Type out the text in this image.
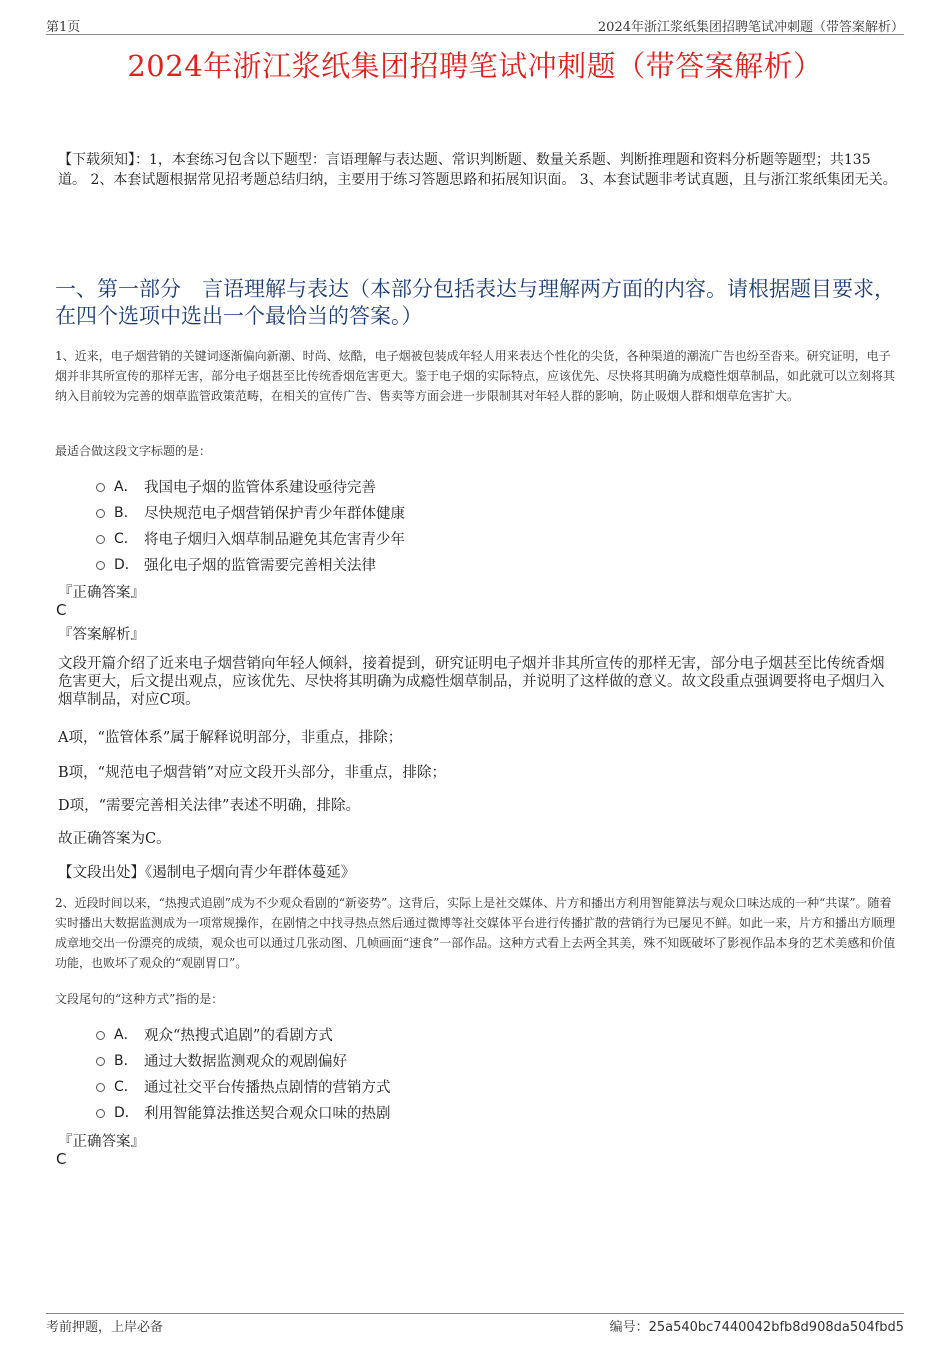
第1页	2024年浙江浆纸集团招聘笔试冲刺题（带答案解析）
2024年浙江浆纸集团招聘笔试冲刺题（带答案解析）
【下载须知】：1，本套练习包含以下题型：言语理解与表达题、常识判断题、数量关系题、判断推理题和资料分析题等题型；共135道。 2、本套试题根据常见招考题总结归纳，主要用于练习答题思路和拓展知识面。 3、本套试题非考试真题，且与浙江浆纸集团无关。
一、第一部分　言语理解与表达（本部分包括表达与理解两方面的内容。请根据题目要求，在四个选项中选出一个最恰当的答案。）
1、近来，电子烟营销的关键词逐渐偏向新潮、时尚、炫酷，电子烟被包装成年轻人用来表达个性化的尖货，各种渠道的潮流广告也纷至沓来。研究证明，电子烟并非其所宣传的那样无害，部分电子烟甚至比传统香烟危害更大。鉴于电子烟的实际特点，应该优先、尽快将其明确为成瘾性烟草制品，如此就可以立刻将其纳入目前较为完善的烟草监管政策范畴，在相关的宣传广告、售卖等方面会进一步限制其对年轻人群的影响，防止吸烟人群和烟草危害扩大。
最适合做这段文字标题的是：
A． 我国电子烟的监管体系建设亟待完善
B． 尽快规范电子烟营销保护青少年群体健康
C． 将电子烟归入烟草制品避免其危害青少年
D． 强化电子烟的监管需要完善相关法律
『正确答案』
C
『答案解析』
文段开篇介绍了近来电子烟营销向年轻人倾斜，接着提到，研究证明电子烟并非其所宣传的那样无害，部分电子烟甚至比传统香烟危害更大，后文提出观点，应该优先、尽快将其明确为成瘾性烟草制品，并说明了这样做的意义。故文段重点强调要将电子烟归入烟草制品，对应C项。
A项，“监管体系”属于解释说明部分，非重点，排除；
B项，“规范电子烟营销”对应文段开头部分，非重点，排除；
D项，“需要完善相关法律”表述不明确，排除。
故正确答案为C。
【文段出处】《遏制电子烟向青少年群体蔓延》
2、近段时间以来，“热搜式追剧”成为不少观众看剧的“新姿势”。这背后，实际上是社交媒体、片方和播出方利用智能算法与观众口味达成的一种“共谋”。随着实时播出大数据监测成为一项常规操作，在剧情之中找寻热点然后通过微博等社交媒体平台进行传播扩散的营销行为已屡见不鲜。如此一来，片方和播出方顺理成章地交出一份漂亮的成绩，观众也可以通过几张动图、几帧画面“速食”一部作品。这种方式看上去两全其美，殊不知既破坏了影视作品本身的艺术美感和价值功能，也败坏了观众的“观剧胃口”。
文段尾句的“这种方式”指的是：
A． 观众“热搜式追剧”的看剧方式
B． 通过大数据监测观众的观剧偏好
C． 通过社交平台传播热点剧情的营销方式
D． 利用智能算法推送契合观众口味的热剧
『正确答案』
C
考前押题，上岸必备	编号：25a540bc7440042bfb8d908da504fbd5
